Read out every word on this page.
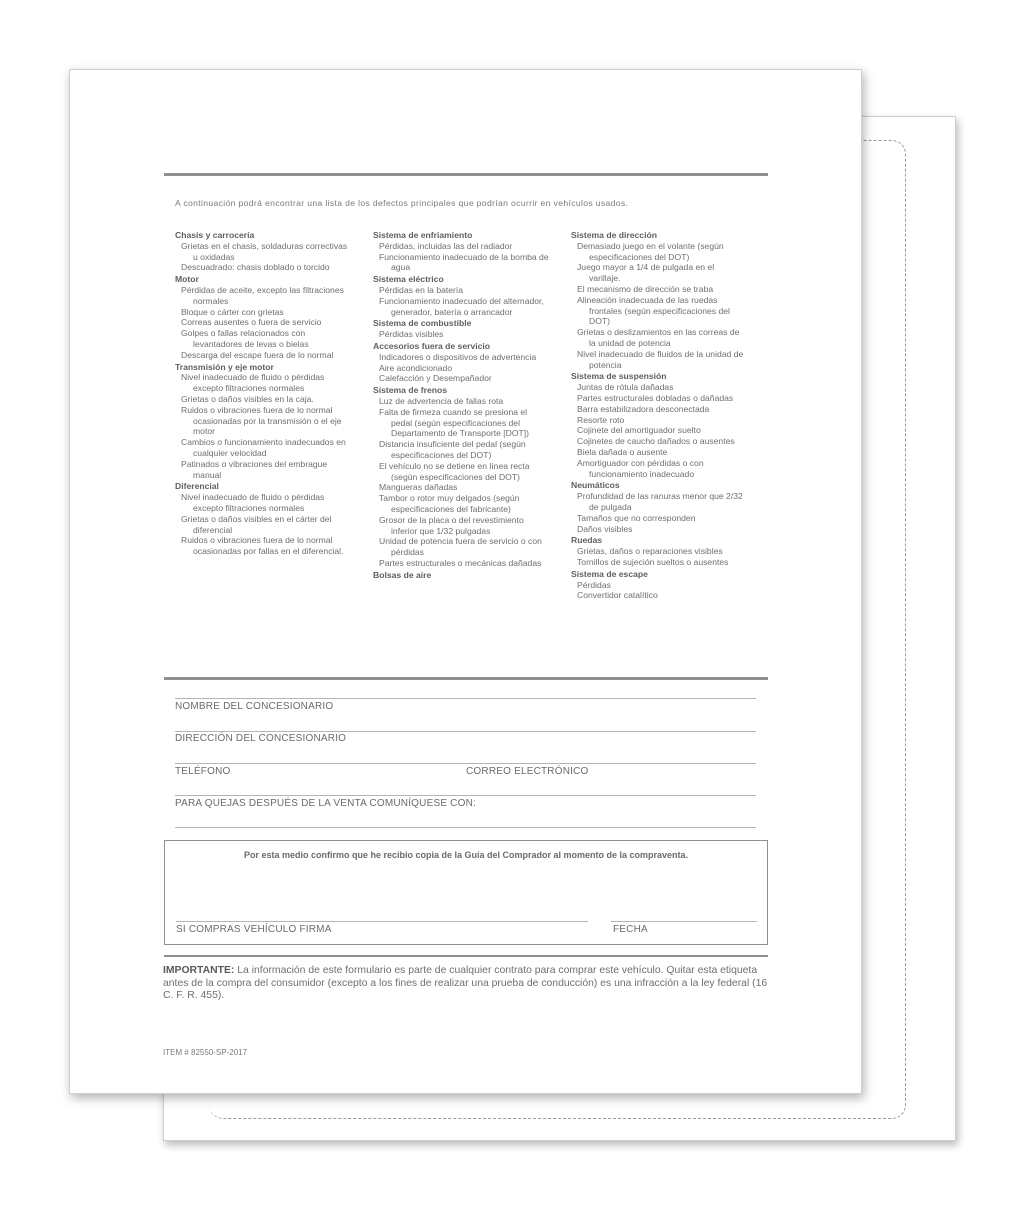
A continuación podrá encontrar una lista de los defectos principales que podrían ocurrir en vehículos usados.
Chasis y carrocería
Grietas en el chasis, soldaduras correctivas
u oxidadas
Descuadrado: chasis doblado o torcido
Motor
Pérdidas de aceite, excepto las filtraciones
normales
Bloque o cárter con grietas
Correas ausentes o fuera de servicio
Golpes o fallas relacionados con
levantadores de levas o bielas
Descarga del escape fuera de lo normal
Transmisión y eje motor
Nivel inadecuado de fluido o pérdidas
excepto filtraciones normales
Grietas o daños visibles en la caja.
Ruidos o vibraciones fuera de lo normal
ocasionadas por la transmisión o el eje
motor
Cambios o funcionamiento inadecuados en
cualquier velocidad
Patinados o vibraciones del embrague
manual
Diferencial
Nivel inadecuado de fluido o pérdidas
excepto filtraciones normales
Grietas o daños visibles en el cárter del
diferencial
Ruidos o vibraciones fuera de lo normal
ocasionadas por fallas en el diferencial.
Sistema de enfriamiento
Pérdidas, incluidas las del radiador
Funcionamiento inadecuado de la bomba de
agua
Sistema eléctrico
Pérdidas en la batería
Funcionamiento inadecuado del alternador,
generador, batería o arrancador
Sistema de combustible
Pérdidas visibles
Accesorios fuera de servicio
Indicadores o dispositivos de advertencia
Aire acondicionado
Calefacción y Desempañador
Sistema de frenos
Luz de advertencia de fallas rota
Falta de firmeza cuando se presiona el
pedal (según especificaciones del
Departamento de Transporte [DOT])
Distancia insuficiente del pedal (según
especificaciones del DOT)
El vehículo no se detiene en línea recta
(según especificaciones del DOT)
Mangueras dañadas
Tambor o rotor muy delgados (según
especificaciones del fabricante)
Grosor de la placa o del revestimiento
inferior que 1/32 pulgadas
Unidad de potencia fuera de servicio o con
pérdidas
Partes estructurales o mecánicas dañadas
Bolsas de aire
Sistema de dirección
Demasiado juego en el volante (según
especificaciones del DOT)
Juego mayor a 1/4 de pulgada en el
varillaje.
El mecanismo de dirección se traba
Alineación inadecuada de las ruedas
frontales (según especificaciones del
DOT)
Grietas o deslizamientos en las correas de
la unidad de potencia
Nivel inadecuado de fluidos de la unidad de
potencia
Sistema de suspensión
Juntas de rótula dañadas
Partes estructurales dobladas o dañadas
Barra estabilizadora desconectada
Resorte roto
Cojinete del amortiguador suelto
Cojinetes de caucho dañados o ausentes
Biela dañada o ausente
Amortiguador con pérdidas o con
funcionamiento inadecuado
Neumáticos
Profundidad de las ranuras menor que 2/32
de pulgada
Tamaños que no corresponden
Daños visibles
Ruedas
Grietas, daños o reparaciones visibles
Tornillos de sujeción sueltos o ausentes
Sistema de escape
Pérdidas
Convertidor catalítico
NOMBRE DEL CONCESIONARIO
DIRECCIÓN DEL CONCESIONARIO
TELÉFONO	CORREO ELECTRÓNICO
PARA QUEJAS DESPUÉS DE LA VENTA COMUNÍQUESE CON:
Por esta medio confirmo que he recibio copia de la Guía del Comprador al momento de la compraventa.
SI COMPRAS VEHÍCULO FIRMA	FECHA
IMPORTANTE: La información de este formulario es parte de cualquier contrato para comprar este vehículo. Quitar esta etiqueta antes de la compra del consumidor (excepto a los fines de realizar una prueba de conducción) es una infracción a la ley federal (16 C. F. R. 455).
ITEM # 82550-SP-2017
